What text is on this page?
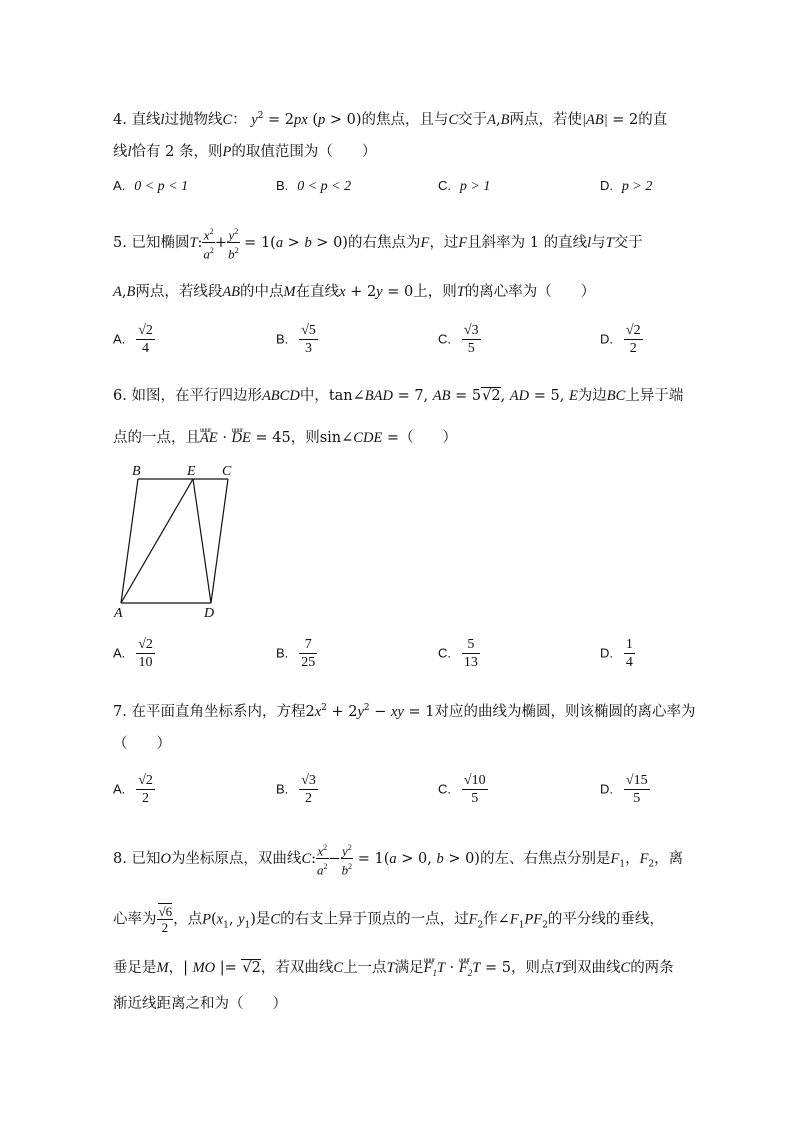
4. 直线l过抛物线C： $y^2 = 2px$ (p > 0)的焦点，且与C交于A,B两点，若使|AB| = 2的直
线l恰有 2 条，则P的取值范围为（　　）
A. 0 < p < 1	B. 0 < p < 2	C. p > 1	D. p > 2
5. 已知椭圆T: $\frac{x^2}{a^2} + \frac{y^2}{b^2} = 1(a > b > 0)$的右焦点为F，过F且斜率为 1 的直线l与T交于
A,B两点，若线段AB的中点M在直线x + 2y = 0上，则T的离心率为（　　）
A. $\frac{√2}{4}$	B. $\frac{√5}{3}$	C. $\frac{√3}{5}$	D. $\frac{√2}{2}$
6. 如图，在平行四边形ABCD中，tan∠BAD = 7, AB = 5√2, AD = 5, E为边BC上异于端
点的一点，且uuur AE · uuur DE = 45，则sin∠CDE =（　　）
B	E C
A	D
A. $\frac{√2}{10}$	B. $\frac{7}{25}$	C. $\frac{5}{13}$	D. $\frac{1}{4}$
7. 在平面直角坐标系内，方程$2x^2 + 2y^2$ − xy = 1对应的曲线为椭圆，则该椭圆的离心率为
（　　）
A. $\frac{√2}{2}$	B. $\frac{√3}{2}$	C. $\frac{√10}{5}$	D. $\frac{√15}{5}$
8. 已知O为坐标原点，双曲线C: $\frac{x^2}{a^2} - \frac{y^2}{b^2} = 1(a > 0$, b > 0)的左、右焦点分别是$F_1$，$F_2$，离
心率为 $\frac{√6}{2}$ ，点$P(x_1$, $y_1$)是C的右支上异于顶点的一点，过$F_2$作$\angle F_1PF_2$的平分线的垂线，
垂足是M，| MO |= √2，若双曲线C上一点T满足uuur $F_1T$ · uuur $F_2T = 5$，则点T到双曲线C的两条
渐近线距离之和为（　　）
